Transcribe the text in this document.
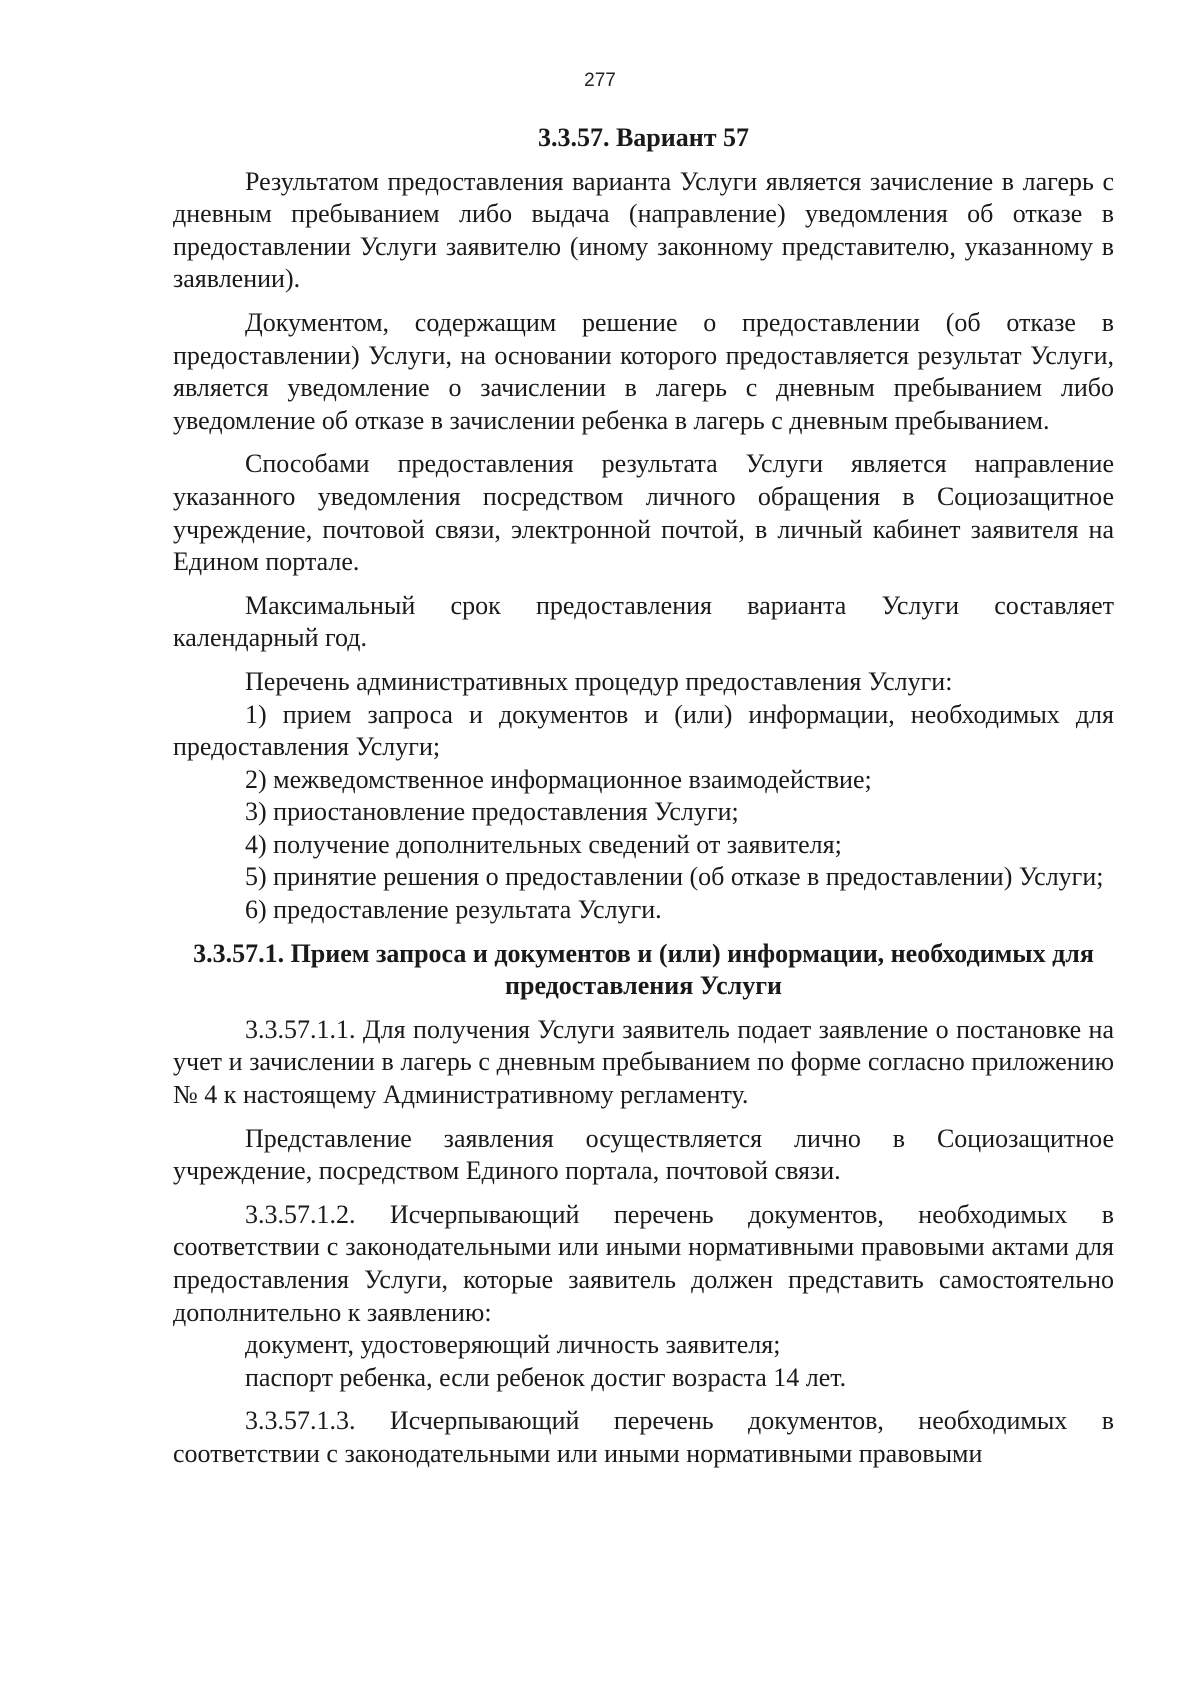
277

3.3.57. Вариант 57

Результатом предоставления варианта Услуги является зачисление в лагерь с дневным пребыванием либо выдача (направление) уведомления об отказе в предоставлении Услуги заявителю (иному законному представителю, указанному в заявлении).

Документом, содержащим решение о предоставлении (об отказе в предоставлении) Услуги, на основании которого предоставляется результат Услуги, является уведомление о зачислении в лагерь с дневным пребыванием либо уведомление об отказе в зачислении ребенка в лагерь с дневным пребыванием.

Способами предоставления результата Услуги является направление указанного уведомления посредством личного обращения в Социозащитное учреждение, почтовой связи, электронной почтой, в личный кабинет заявителя на Едином портале.

Максимальный срок предоставления варианта Услуги составляет календарный год.

Перечень административных процедур предоставления Услуги:

1) прием запроса и документов и (или) информации, необходимых для предоставления Услуги;

2) межведомственное информационное взаимодействие;

3) приостановление предоставления Услуги;

4) получение дополнительных сведений от заявителя;

5) принятие решения о предоставлении (об отказе в предоставлении) Услуги;

6) предоставление результата Услуги.

3.3.57.1. Прием запроса и документов и (или) информации, необходимых для предоставления Услуги

3.3.57.1.1. Для получения Услуги заявитель подает заявление о постановке на учет и зачислении в лагерь с дневным пребыванием по форме согласно приложению № 4 к настоящему Административному регламенту.

Представление заявления осуществляется лично в Социозащитное учреждение, посредством Единого портала, почтовой связи.

3.3.57.1.2. Исчерпывающий перечень документов, необходимых в соответствии с законодательными или иными нормативными правовыми актами для предоставления Услуги, которые заявитель должен представить самостоятельно дополнительно к заявлению:

документ, удостоверяющий личность заявителя;

паспорт ребенка, если ребенок достиг возраста 14 лет.

3.3.57.1.3. Исчерпывающий перечень документов, необходимых в соответствии с законодательными или иными нормативными правовыми
